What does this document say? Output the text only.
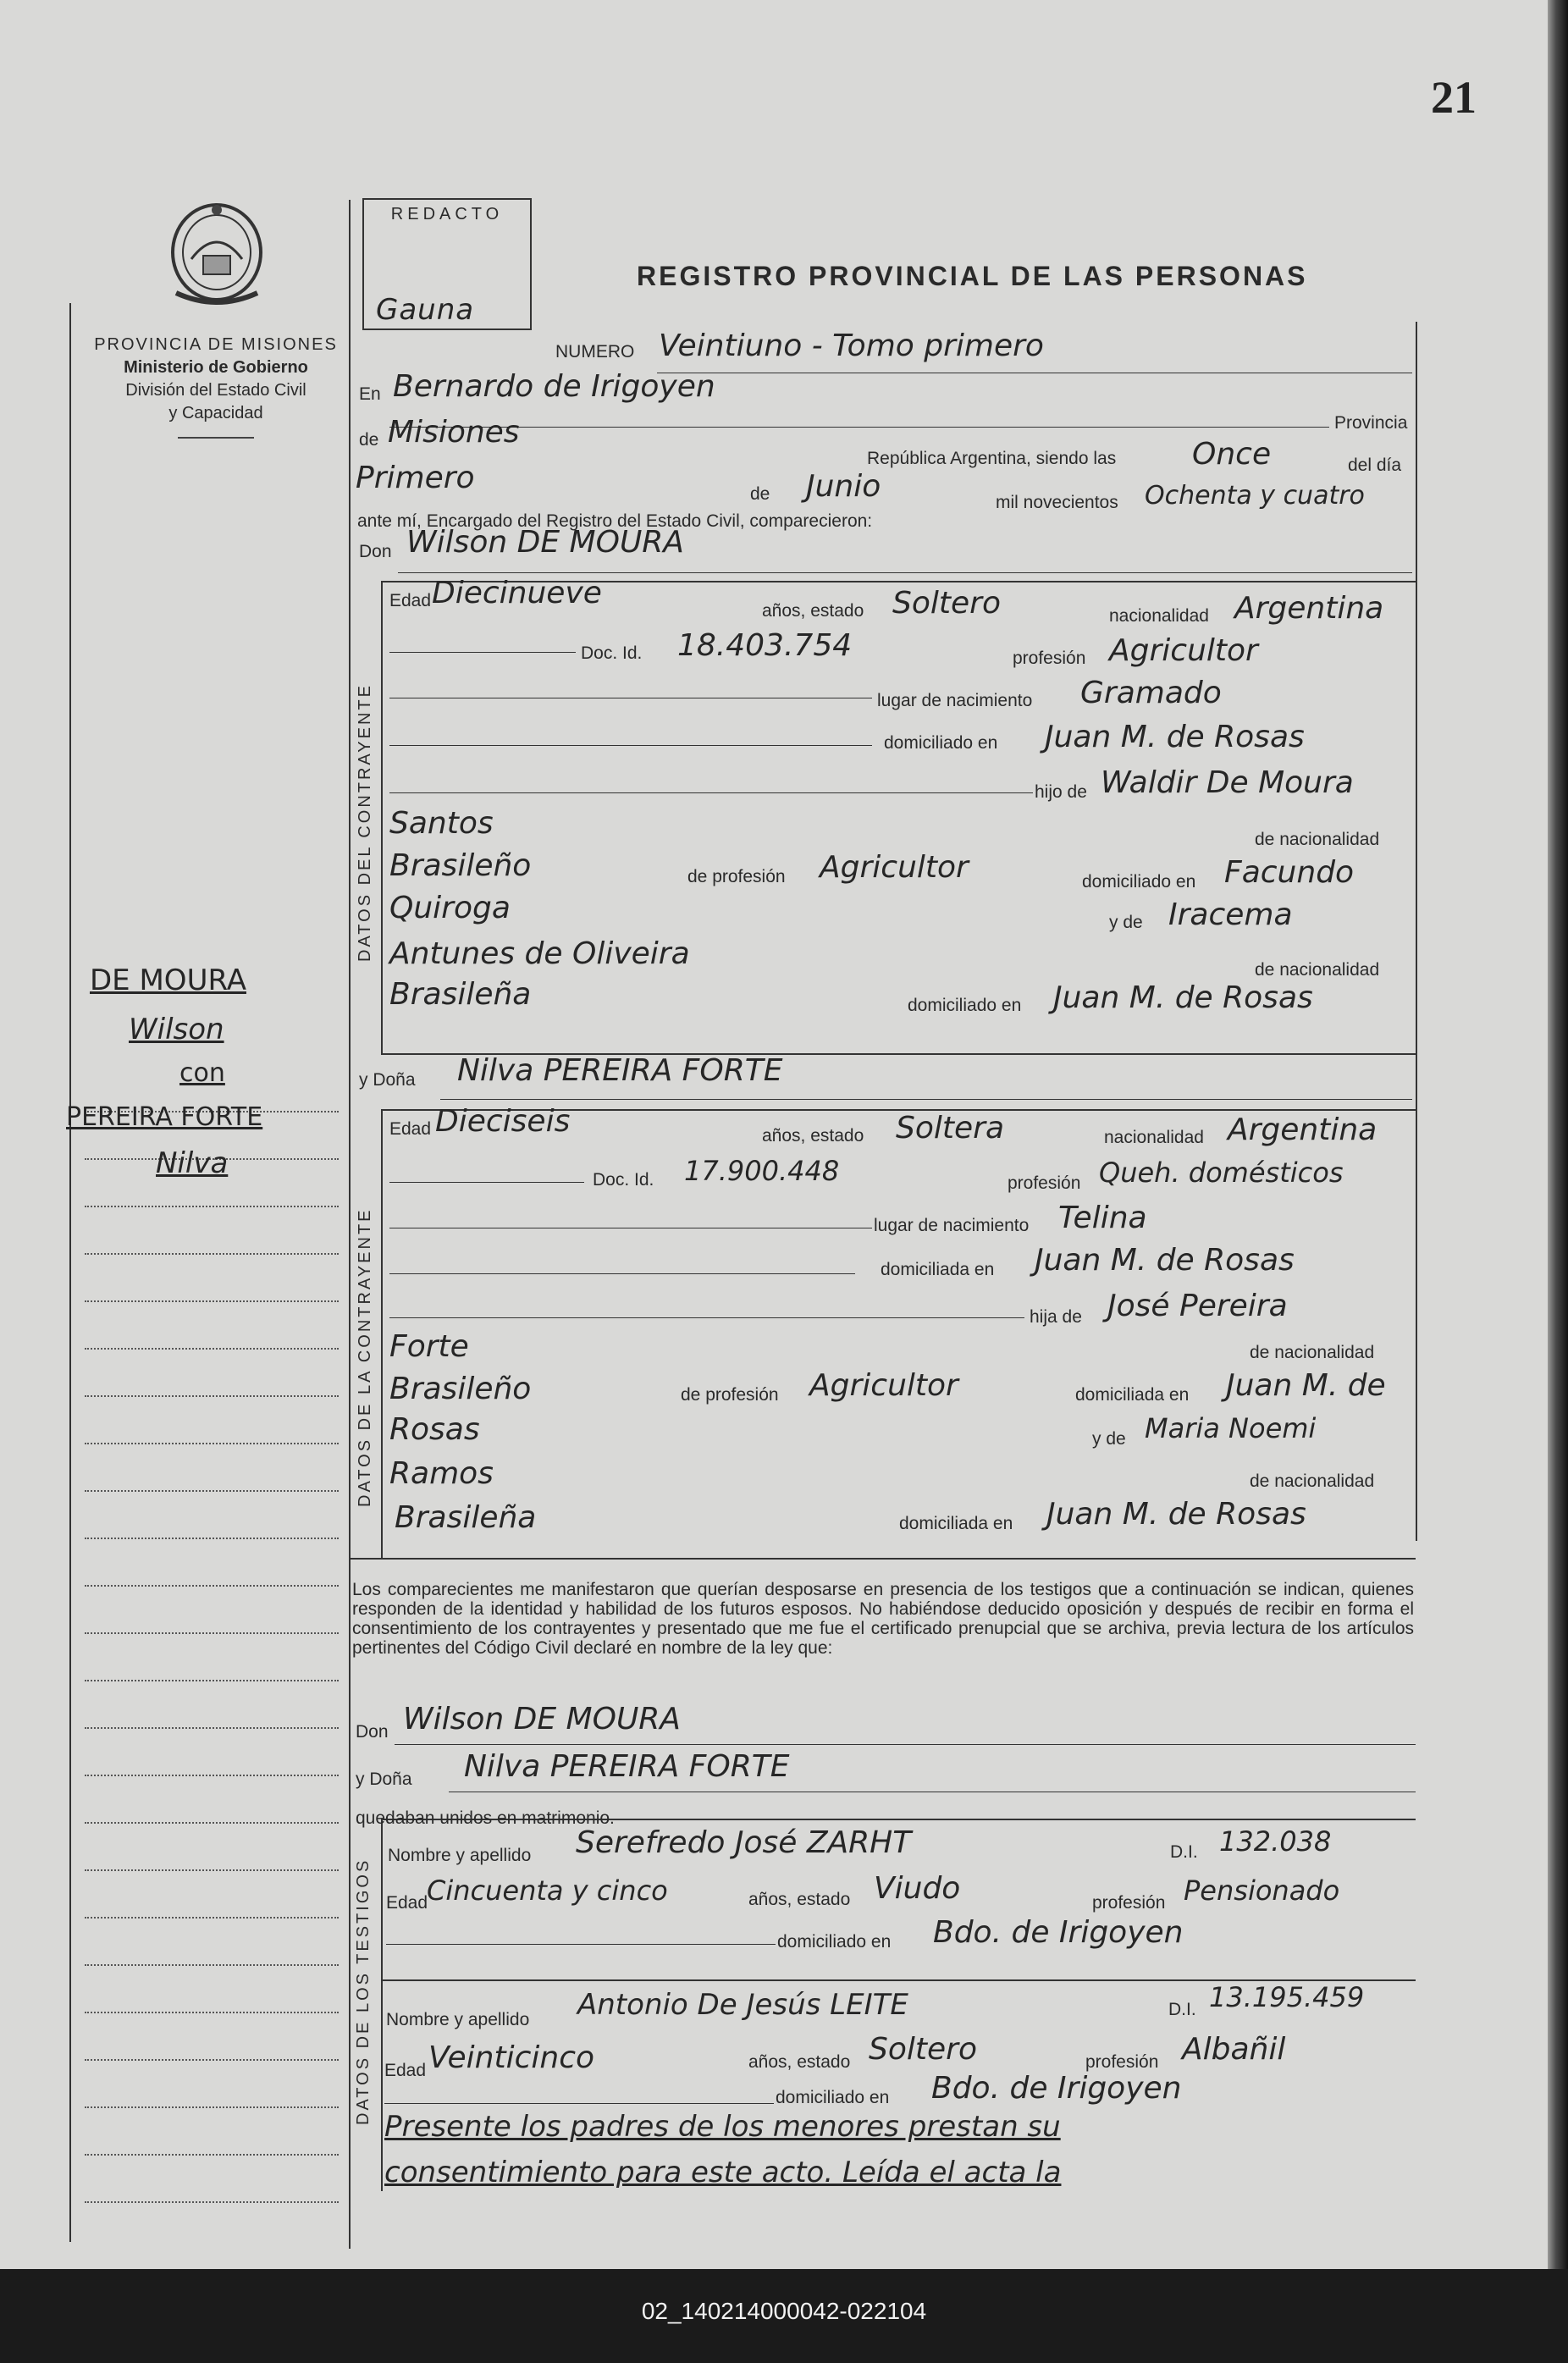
21
PROVINCIA DE MISIONES
Ministerio de Gobierno
División del Estado Civil
y Capacidad
REDACTO
Gauna
REGISTRO PROVINCIAL DE LAS PERSONAS
DE MOURA
Wilson
con
PEREIRA FORTE
Nilva
NUMERO Veintiuno - Tomo primero
En Bernardo de Irigoyen
Provincia
de Misiones
República Argentina, siendo las Once	del día
Primero	de Junio	mil novecientos Ochenta y cuatro
ante mí, Encargado del Registro del Estado Civil, comparecieron:
Don Wilson DE MOURA
DATOS DEL CONTRAYENTE
Edad Diecinueve
años, estado Soltero	nacionalidad Argentina
Doc. Id. 18.403.754	profesión Agricultor
lugar de nacimiento Gramado
domiciliado en Juan M. de Rosas
hijo de Waldir De Moura
Santos	de nacionalidad
Brasileño	de profesión Agricultor	domiciliado en Facundo
Quiroga	y de Iracema
Antunes de Oliveira	de nacionalidad
Brasileña	domiciliado en Juan M. de Rosas
y Doña Nilva PEREIRA FORTE
DATOS DE LA CONTRAYENTE
Edad Dieciseis	años, estado Soltera	nacionalidad Argentina
Doc. Id. 17.900.448	profesión Queh. domésticos
lugar de nacimiento Telina
domiciliada en Juan M. de Rosas
hija de José Pereira
Forte	de nacionalidad
Brasileño	de profesión Agricultor	domiciliada en Juan M. de
Rosas	y de Maria Noemi
Ramos	de nacionalidad
Brasileña	domiciliada en Juan M. de Rosas
Los comparecientes me manifestaron que querían desposarse en presencia de los testigos que a continuación se indican, quienes responden de la identidad y habilidad de los futuros esposos. No habiéndose deducido oposición y después de recibir en forma el consentimiento de los contrayentes y presentado que me fue el certificado prenupcial que se archiva, previa lectura de los artículos pertinentes del Código Civil declaré en nombre de la ley que:
Don Wilson DE MOURA
y Doña Nilva PEREIRA FORTE
quedaban unidos en matrimonio.
DATOS DE LOS TESTIGOS
Nombre y apellido Serefredo José ZARHT	D.I. 132.038
Edad
Cincuenta y cinco	años, estado Viudo	profesión Pensionado
domiciliado en Bdo. de Irigoyen
Nombre y apellido Antonio De Jesús LEITE	D.I. 13.195.459
Edad Veinticinco	años, estado Soltero	profesión Albañil
domiciliado en Bdo. de Irigoyen
Presente los padres de los menores prestan su
consentimiento para este acto. Leída el acta la
02_140214000042-022104
